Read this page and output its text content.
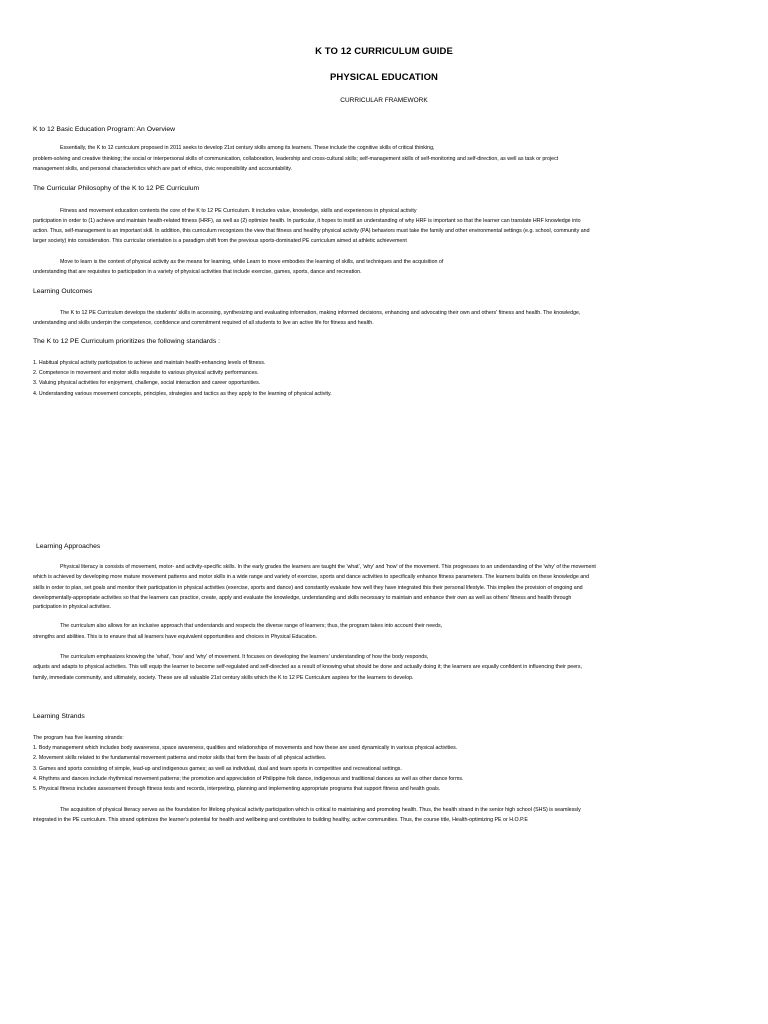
K TO 12 CURRICULUM GUIDE
PHYSICAL EDUCATION
CURRICULAR FRAMEWORK
K to 12 Basic Education Program: An Overview
Essentially, the K to 12 curriculum proposed in 2011 seeks to develop 21st century skills among its learners. These include the cognitive skills of critical thinking,
problem-solving and creative thinking; the social or interpersonal skills of communication, collaboration, leadership and cross-cultural skills; self-management skills of self-monitoring and self-direction, as well as task or project
management skills, and personal characteristics which are part of ethics, civic responsibility and accountability.
The Curricular Philosophy of the K to 12 PE Curriculum
Fitness and movement education contents the core of the K to 12 PE Curriculum. It includes value, knowledge, skills and experiences in physical activity
participation in order to (1) achieve and maintain health-related fitness (HRF), as well as (2) optimize health. In particular, it hopes to instill an understanding of why HRF is important so that the learner can translate HRF knowledge into
action. Thus, self-management is an important skill. In addition, this curriculum recognizes the view that fitness and healthy physical activity (PA) behaviors must take the family and other environmental settings (e.g. school, community and
larger society) into consideration. This curricular orientation is a paradigm shift from the previous sports-dominated PE curriculum aimed at athletic achievement
Move to learn is the context of physical activity as the means for learning, while Learn to move embodies the learning of skills, and techniques and the acquisition of
understanding that are requisites to participation in a variety of physical activities that include exercise, games, sports, dance and recreation.
Learning Outcomes
The K to 12 PE Curriculum develops the students' skills in accessing, synthesizing and evaluating information, making informed decisions, enhancing and advocating their own and others' fitness and health. The knowledge,
understanding and skills underpin the competence, confidence and commitment required of all students to live an active life for fitness and health.
The K to 12 PE Curriculum prioritizes the following standards :
1. Habitual physical activity participation to achieve and maintain health-enhancing levels of fitness.
2. Competence in movement and motor skills requisite to various physical activity performances.
3. Valuing physical activities for enjoyment, challenge, social interaction and career opportunities.
4. Understanding various movement concepts, principles, strategies and tactics as they apply to the learning of physical activity.
Learning Approaches
Physical literacy is consists of movement, motor- and activity-specific skills. In the early grades the learners are taught the 'what', 'why' and 'how' of the movement. This progresses to an understanding of the 'why' of the movement
which is achieved by developing more mature movement patterns and motor skills in a wide range and variety of exercise, sports and dance activities to specifically enhance fitness parameters. The learners builds on these knowledge and
skills in order to plan, set goals and monitor their participation in physical activities (exercise, sports and dance) and constantly evaluate how well they have integrated this their personal lifestyle. This implies the provision of ongoing and
developmentally-appropriate activities so that the learners can practice, create, apply and evaluate the knowledge, understanding and skills necessary to maintain and enhance their own as well as others' fitness and health through
participation in physical activities.
The curriculum also allows for an inclusive approach that understands and respects the diverse range of learners; thus, the program takes into account their needs,
strengths and abilities. This is to ensure that all learners have equivalent opportunities and choices in Physical Education.
The curriculum emphasizes knowing the 'what', 'how' and 'why' of movement. It focuses on developing the learners' understanding of how the body responds,
adjusts and adapts to physical activities. This will equip the learner to become self-regulated and self-directed as a result of knowing what should be done and actually doing it; the learners are equally confident in influencing their peers,
family, immediate community, and ultimately, society. These are all valuable 21st century skills which the K to 12 PE Curriculum aspires for the learners to develop.
Learning Strands
The program has five learning strands:
1. Body management which includes body awareness, space awareness, qualities and relationships of movements and how these are used dynamically in various physical activities.
2. Movement skills related to the fundamental movement patterns and motor skills that form the basis of all physical activities.
3. Games and sports consisting of simple, lead-up and indigenous games; as well as individual, dual and team sports in competitive and recreational settings.
4. Rhythms and dances include rhythmical movement patterns; the promotion and appreciation of Philippine folk dance, indigenous and traditional dances as well as other dance forms.
5. Physical fitness includes assessment through fitness tests and records, interpreting, planning and implementing appropriate programs that support fitness and health goals.
The acquisition of physical literacy serves as the foundation for lifelong physical activity participation which is critical to maintaining and promoting health. Thus, the health strand in the senior high school (SHS) is seamlessly
integrated in the PE curriculum. This strand optimizes the learner's potential for health and wellbeing and contributes to building healthy, active communities. Thus, the course title, Health-optimizing PE or H.O.P.E
